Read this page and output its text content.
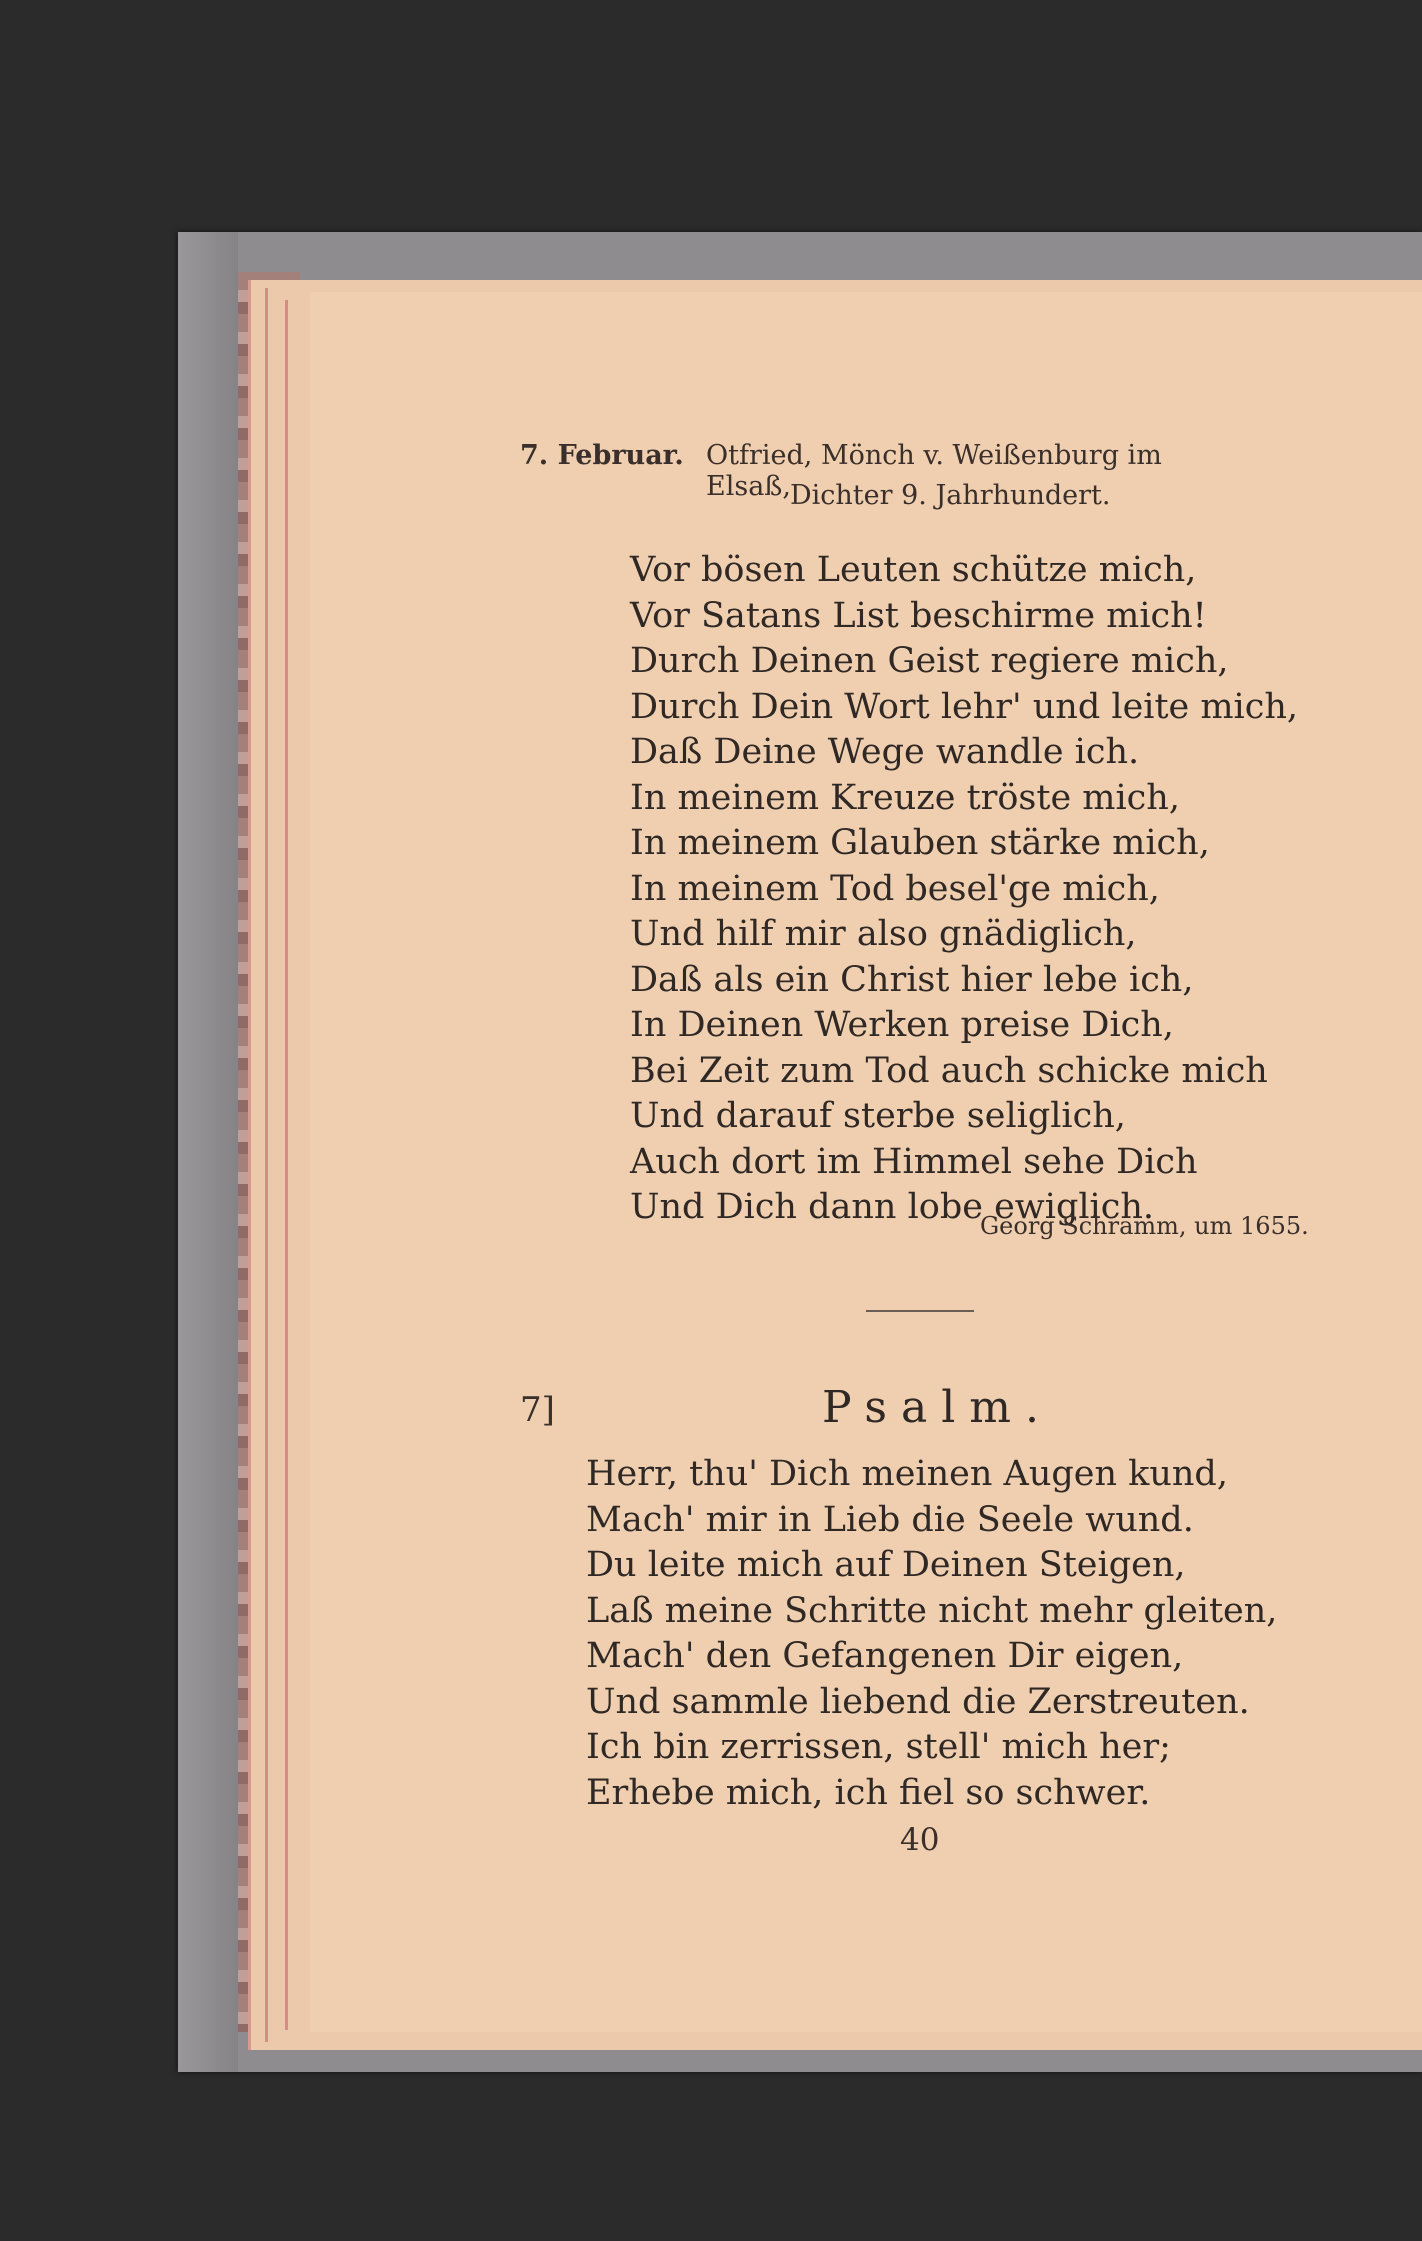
7. Februar. Otfried, Mönch v. Weißenburg im Elsaß, Dichter 9. Jahrhundert.
Vor bösen Leuten schütze mich,
Vor Satans List beschirme mich!
Durch Deinen Geist regiere mich,
Durch Dein Wort lehr' und leite mich,
Daß Deine Wege wandle ich.
In meinem Kreuze tröste mich,
In meinem Glauben stärke mich,
In meinem Tod besel'ge mich,
Und hilf mir also gnädiglich,
Daß als ein Christ hier lebe ich,
In Deinen Werken preise Dich,
Bei Zeit zum Tod auch schicke mich
Und darauf sterbe seliglich,
Auch dort im Himmel sehe Dich
Und Dich dann lobe ewiglich.
Georg Schramm, um 1655.
7]	Psalm.
Herr, thu' Dich meinen Augen kund,
Mach' mir in Lieb die Seele wund.
Du leite mich auf Deinen Steigen,
Laß meine Schritte nicht mehr gleiten,
Mach' den Gefangenen Dir eigen,
Und sammle liebend die Zerstreuten.
Ich bin zerrissen, stell' mich her;
Erhebe mich, ich fiel so schwer.
40
